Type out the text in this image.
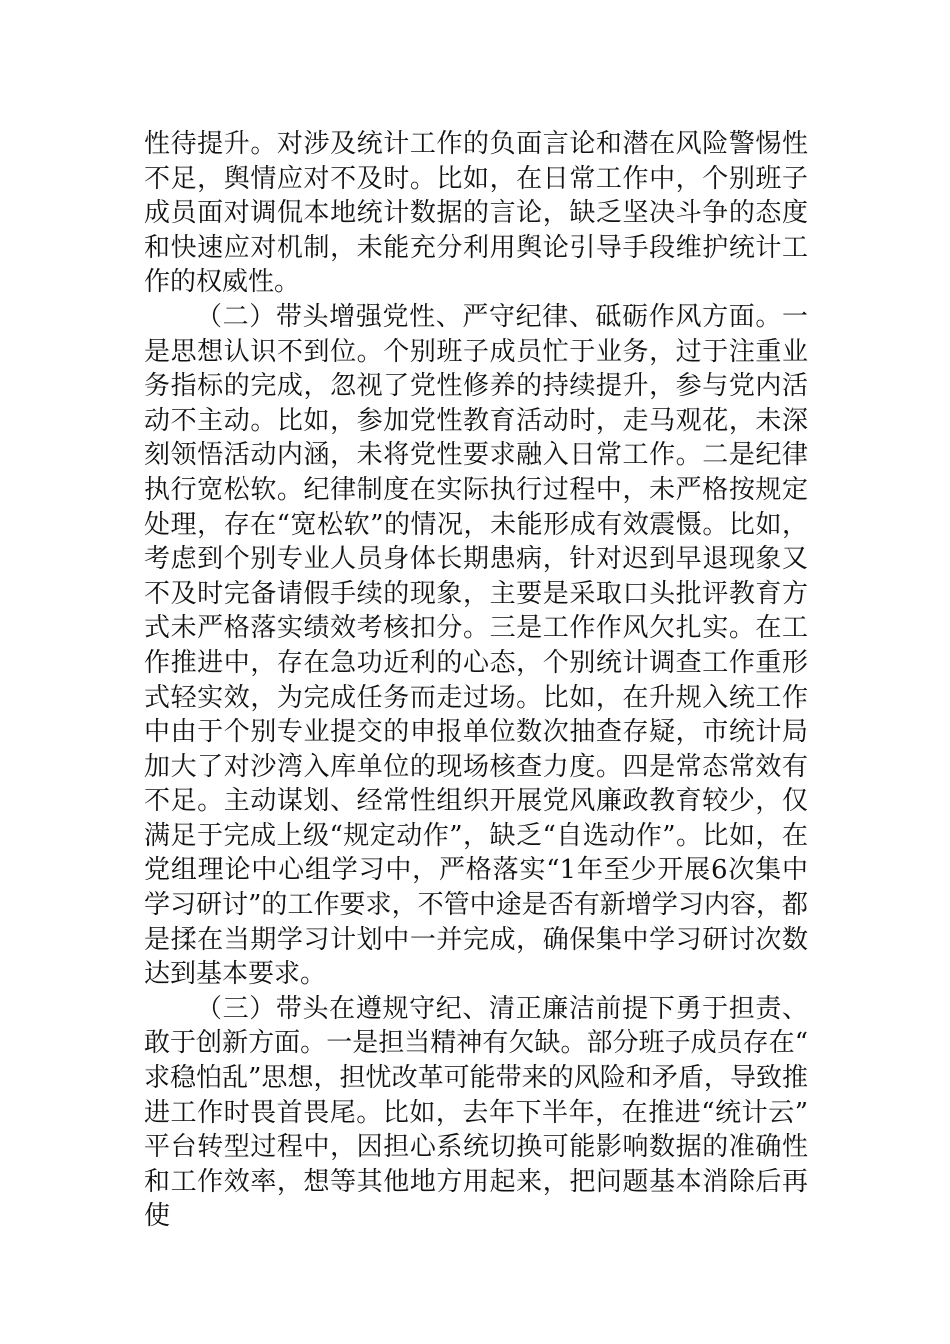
性待提升。对涉及统计工作的负面言论和潜在风险警惕性不足，舆情应对不及时。比如，在日常工作中，个别班子成员面对调侃本地统计数据的言论，缺乏坚决斗争的态度和快速应对机制，未能充分利用舆论引导手段维护统计工作的权威性。

（二）带头增强党性、严守纪律、砥砺作风方面。一是思想认识不到位。个别班子成员忙于业务，过于注重业务指标的完成，忽视了党性修养的持续提升，参与党内活动不主动。比如，参加党性教育活动时，走马观花，未深刻领悟活动内涵，未将党性要求融入日常工作。二是纪律执行宽松软。纪律制度在实际执行过程中，未严格按规定处理，存在“宽松软”的情况，未能形成有效震慑。比如，考虑到个别专业人员身体长期患病，针对迟到早退现象又不及时完备请假手续的现象，主要是采取口头批评教育方式未严格落实绩效考核扣分。三是工作作风欠扎实。在工作推进中，存在急功近利的心态，个别统计调查工作重形式轻实效，为完成任务而走过场。比如，在升规入统工作中由于个别专业提交的申报单位数次抽查存疑，市统计局加大了对沙湾入库单位的现场核查力度。四是常态常效有不足。主动谋划、经常性组织开展党风廉政教育较少，仅满足于完成上级“规定动作”，缺乏“自选动作”。比如，在党组理论中心组学习中，严格落实“1年至少开展6次集中学习研讨”的工作要求，不管中途是否有新增学习内容，都是揉在当期学习计划中一并完成，确保集中学习研讨次数达到基本要求。

（三）带头在遵规守纪、清正廉洁前提下勇于担责、敢于创新方面。一是担当精神有欠缺。部分班子成员存在“求稳怕乱”思想，担忧改革可能带来的风险和矛盾，导致推进工作时畏首畏尾。比如，去年下半年，在推进“统计云”平台转型过程中，因担心系统切换可能影响数据的准确性和工作效率，想等其他地方用起来，把问题基本消除后再使
